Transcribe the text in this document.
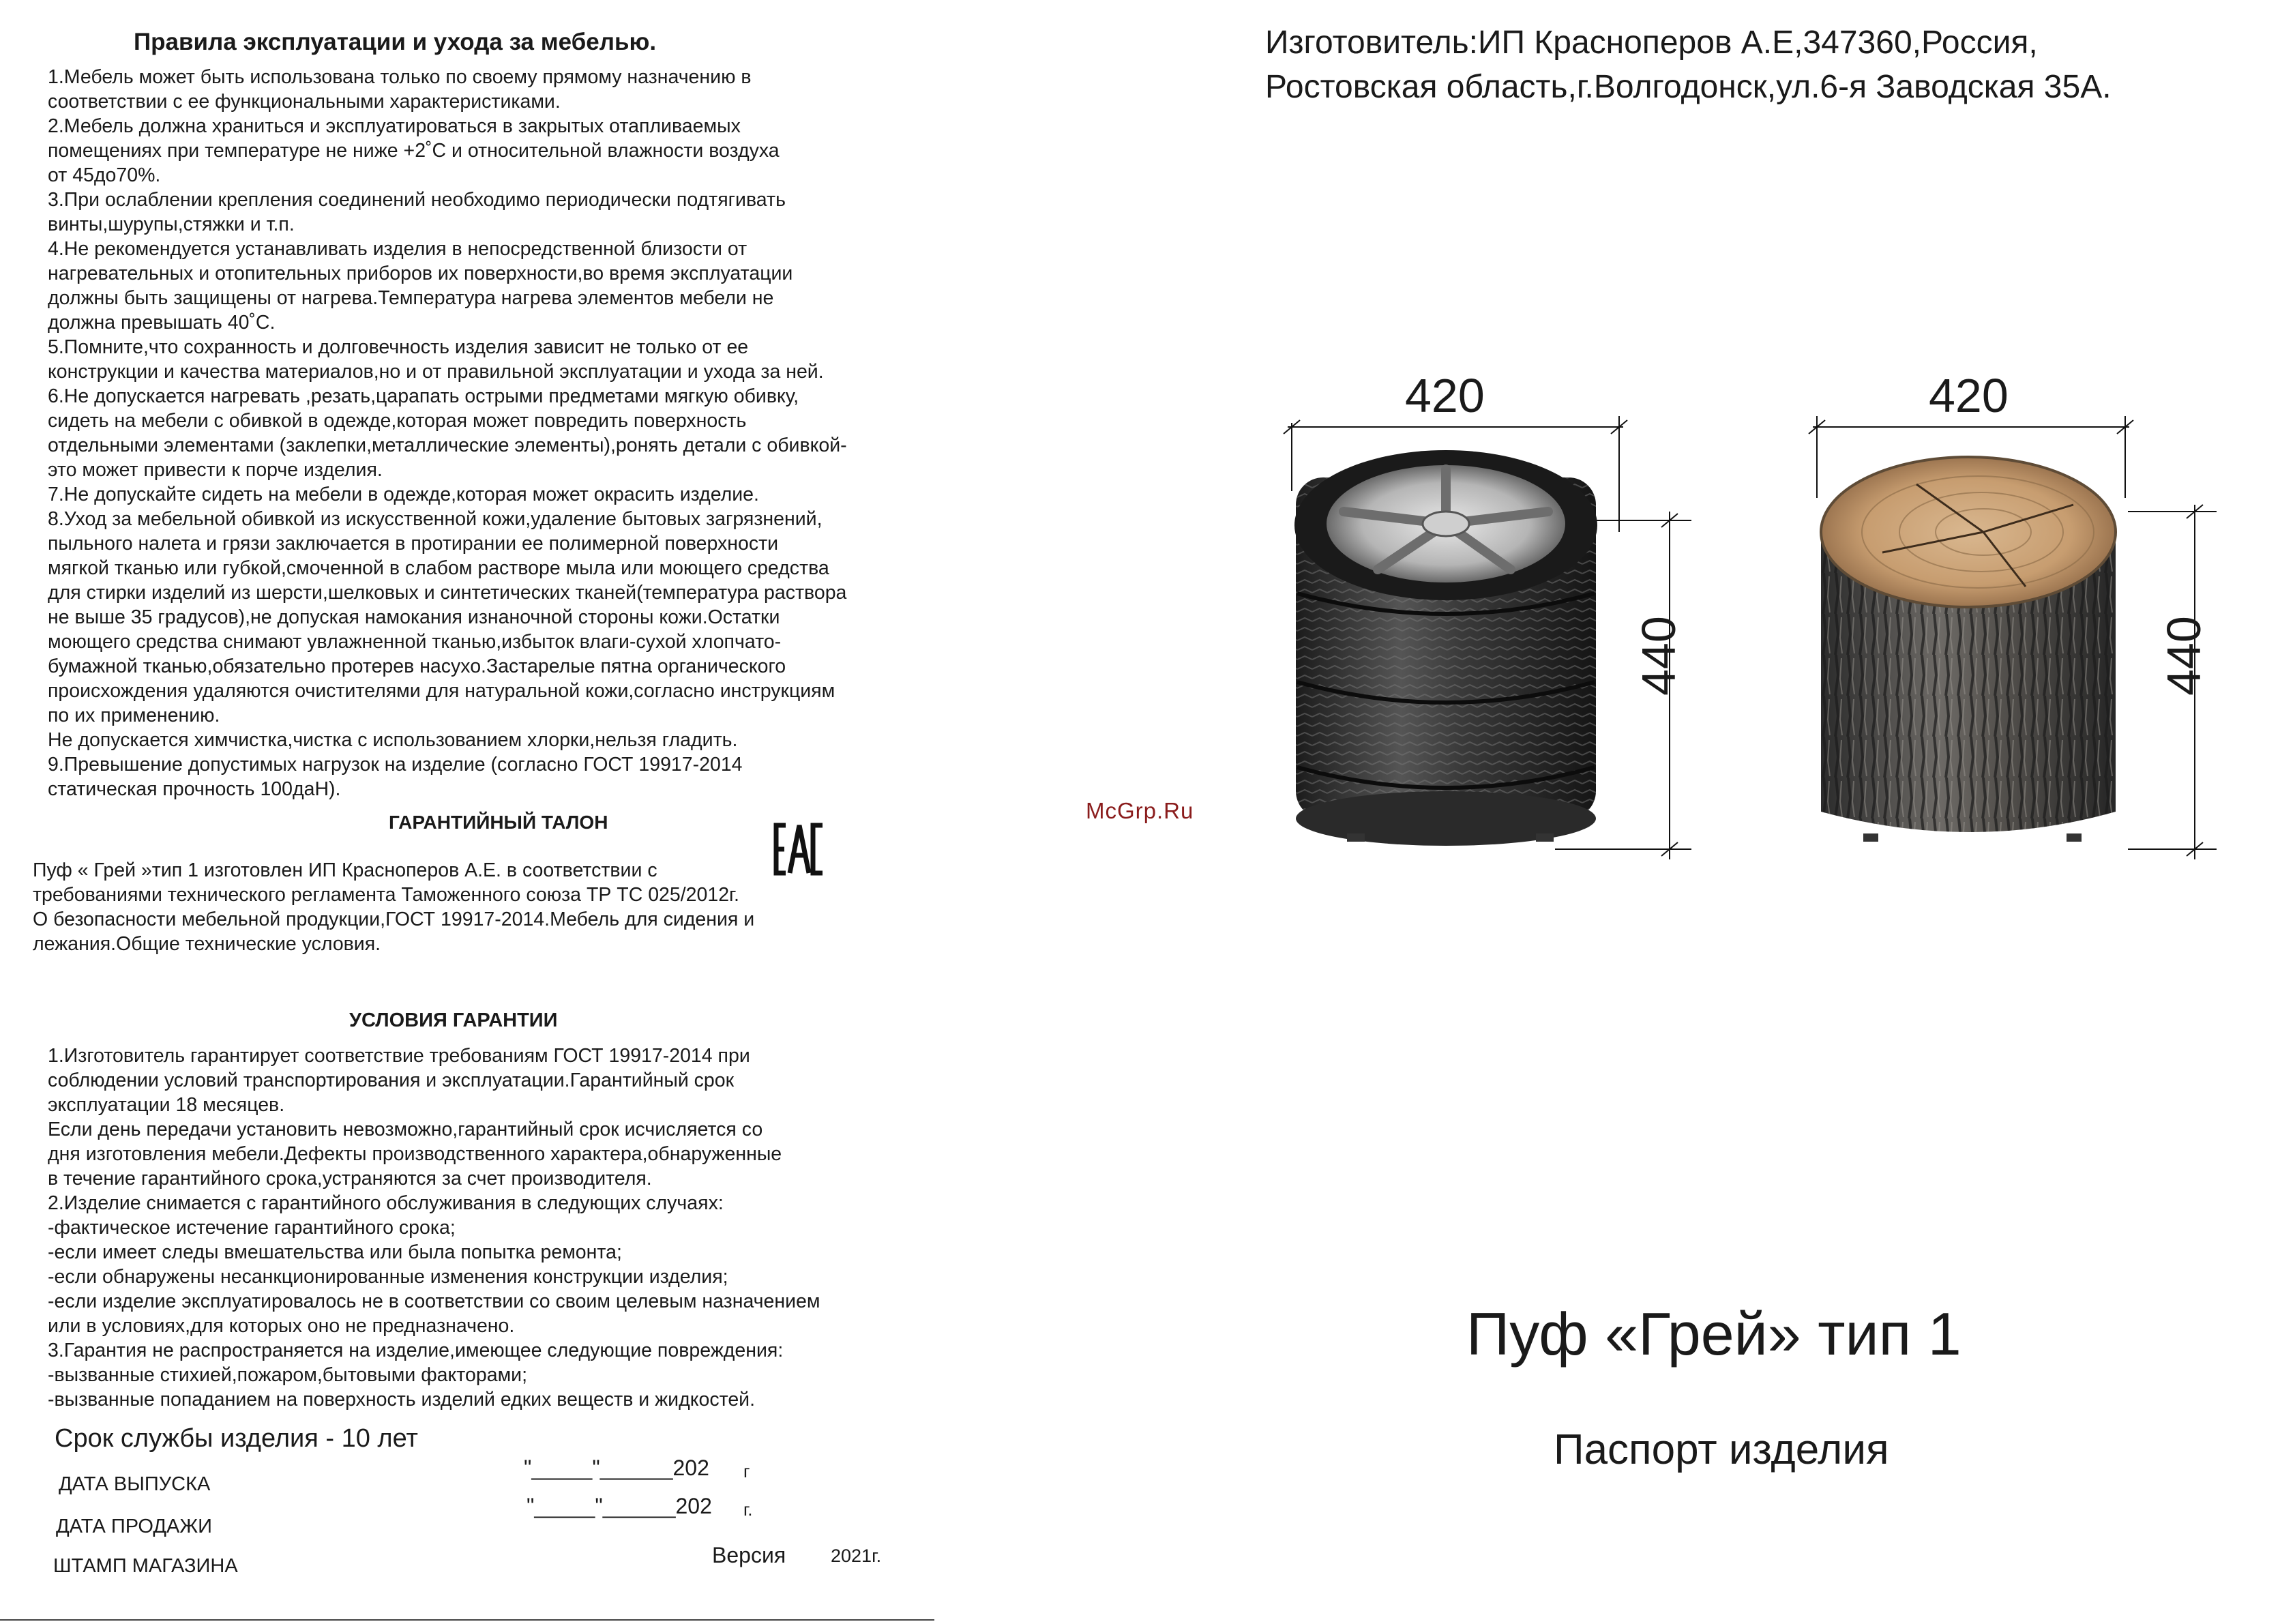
Правила эксплуатации и ухода за мебелью.
1.Мебель может быть использована только по своему прямому назначению в
соответствии с ее функциональными характеристиками.
2.Мебель должна храниться и эксплуатироваться в закрытых отапливаемых
помещениях при температуре не ниже +2˚С и относительной влажности воздуха
от 45до70%.
3.При ослаблении крепления соединений необходимо периодически подтягивать
винты,шурупы,стяжки и т.п.
4.Не рекомендуется устанавливать изделия в непосредственной близости от
нагревательных и отопительных приборов их поверхности,во время эксплуатации
должны быть защищены от нагрева.Температура нагрева элементов мебели не
должна превышать 40˚С.
5.Помните,что сохранность и долговечность изделия зависит не только от ее
конструкции и качества материалов,но и от правильной эксплуатации и ухода за ней.
6.Не допускается нагревать ,резать,царапать острыми предметами мягкую обивку,
сидеть на мебели с обивкой в одежде,которая может повредить поверхность
отдельными элементами (заклепки,металлические элементы),ронять детали с обивкой-
это может привести к порче изделия.
7.Не допускайте сидеть на мебели в одежде,которая может окрасить изделие.
8.Уход за мебельной обивкой из искусственной кожи,удаление бытовых загрязнений,
пыльного налета и грязи заключается в протирании ее полимерной поверхности
мягкой тканью или губкой,смоченной в слабом растворе мыла или моющего средства
для стирки изделий из шерсти,шелковых и синтетических тканей(температура раствора
не выше 35 градусов),не допуская намокания изнаночной стороны кожи.Остатки
моющего средства снимают увлажненной тканью,избыток влаги-сухой хлопчато-
бумажной тканью,обязательно протерев насухо.Застарелые пятна органического
происхождения удаляются очистителями для натуральной кожи,согласно инструкциям
по их применению.
Не допускается химчистка,чистка с использованием хлорки,нельзя гладить.
9.Превышение допустимых нагрузок на изделие (согласно ГОСТ 19917-2014
статическая прочность 100даН).
ГАРАНТИЙНЫЙ ТАЛОН
Пуф « Грей »тип 1 изготовлен ИП Красноперов А.Е. в соответствии с
требованиями технического регламента Таможенного союза ТР ТС 025/2012г.
О безопасности мебельной продукции,ГОСТ 19917-2014.Мебель для сидения и
лежания.Общие технические условия.
УСЛОВИЯ ГАРАНТИИ
1.Изготовитель гарантирует соответствие требованиям ГОСТ 19917-2014 при
соблюдении условий транспортирования и эксплуатации.Гарантийный срок
эксплуатации 18 месяцев.
Если день передачи установить невозможно,гарантийный срок исчисляется со
дня изготовления мебели.Дефекты производственного характера,обнаруженные
в течение гарантийного срока,устраняются за счет производителя.
2.Изделие снимается с гарантийного обслуживания в следующих случаях:
-фактическое истечение гарантийного срока;
-если имеет следы вмешательства или была попытка ремонта;
-если обнаружены несанкционированные изменения конструкции изделия;
-если изделие эксплуатировалось не в соответствии со своим целевым назначением
или в условиях,для которых оно не предназначено.
3.Гарантия не распространяется на изделие,имеющее следующие повреждения:
-вызванные стихией,пожаром,бытовыми факторами;
-вызванные попаданием на поверхность изделий едких веществ и жидкостей.
Срок службы изделия - 10 лет
ДАТА ВЫПУСКА
ДАТА ПРОДАЖИ
ШТАМП МАГАЗИНА
"_____"______202 г
"_____"______202 г.
Версия 2021г.
Изготовитель:ИП Красноперов А.Е,347360,Россия,
Ростовская область,г.Волгодонск,ул.6-я Заводская 35А.
McGrp.Ru
420
440
420
440
Пуф «Грей» тип 1
Паспорт изделия
